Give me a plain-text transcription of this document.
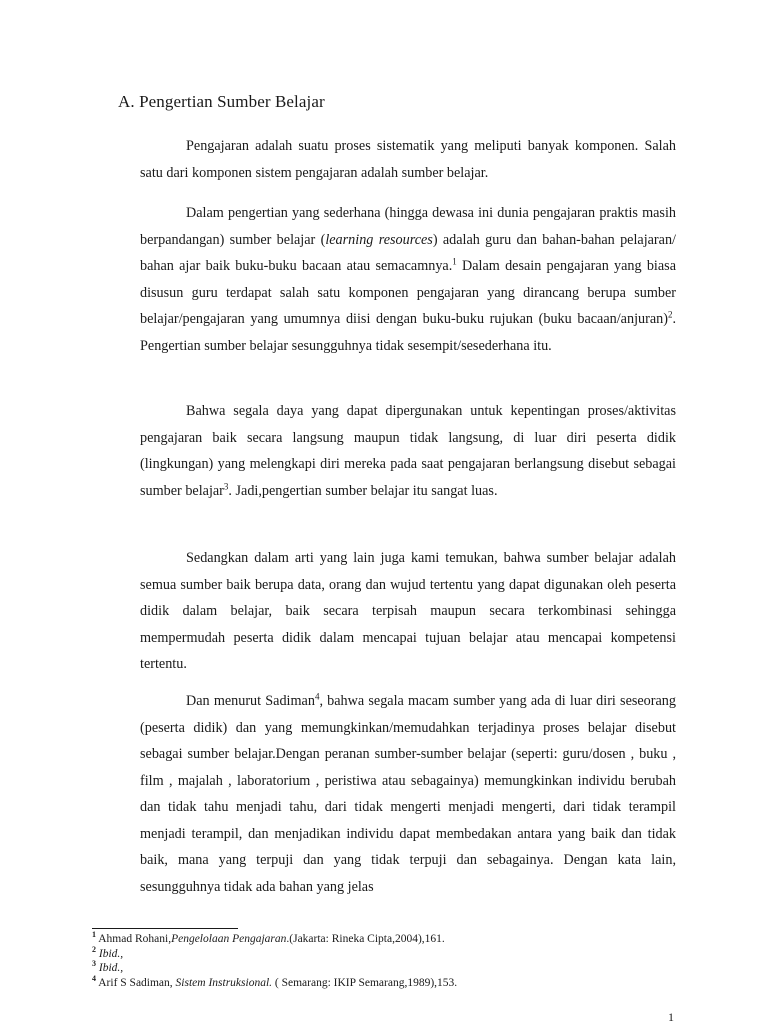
A. Pengertian Sumber Belajar

Pengajaran adalah suatu proses sistematik yang meliputi banyak komponen. Salah satu dari komponen sistem pengajaran adalah sumber belajar.

Dalam pengertian yang sederhana (hingga dewasa ini dunia pengajaran praktis masih berpandangan) sumber belajar (learning resources) adalah guru dan bahan-bahan pelajaran/ bahan ajar baik buku-buku bacaan atau semacamnya.$^1$ Dalam desain pengajaran yang biasa disusun guru terdapat salah satu komponen pengajaran yang dirancang berupa sumber belajar/pengajaran yang umumnya diisi dengan buku-buku rujukan (buku bacaan/anjuran)$^2$. Pengertian sumber belajar sesungguhnya tidak sesempit/sesederhana itu.

Bahwa segala daya yang dapat dipergunakan untuk kepentingan proses/aktivitas pengajaran baik secara langsung maupun tidak langsung, di luar diri peserta didik (lingkungan) yang melengkapi diri mereka pada saat pengajaran berlangsung disebut sebagai sumber belajar$^3$. Jadi,pengertian sumber belajar itu sangat luas.

Sedangkan dalam arti yang lain juga kami temukan, bahwa sumber belajar adalah semua sumber baik berupa data, orang dan wujud tertentu yang dapat digunakan oleh peserta didik dalam belajar, baik secara terpisah maupun secara terkombinasi sehingga mempermudah peserta didik dalam mencapai tujuan belajar atau mencapai kompetensi tertentu.

Dan menurut Sadiman$^4$, bahwa segala macam sumber yang ada di luar diri seseorang (peserta didik) dan yang memungkinkan/memudahkan terjadinya proses belajar disebut sebagai sumber belajar.Dengan peranan sumber-sumber belajar (seperti: guru/dosen , buku , film , majalah , laboratorium , peristiwa atau sebagainya) memungkinkan individu berubah dan tidak tahu menjadi tahu, dari tidak mengerti menjadi mengerti, dari tidak terampil menjadi terampil, dan menjadikan individu dapat membedakan antara yang baik dan tidak baik, mana yang terpuji dan yang tidak terpuji dan sebagainya. Dengan kata lain, sesungguhnya tidak ada bahan yang jelas

$^1$ Ahmad Rohani,Pengelolaan Pengajaran.(Jakarta: Rineka Cipta,2004),161.

$^2$ Ibid.,

$^3$ Ibid.,

$^4$ Arif S Sadiman, Sistem Instruksional. ( Semarang: IKIP Semarang,1989),153.

1
